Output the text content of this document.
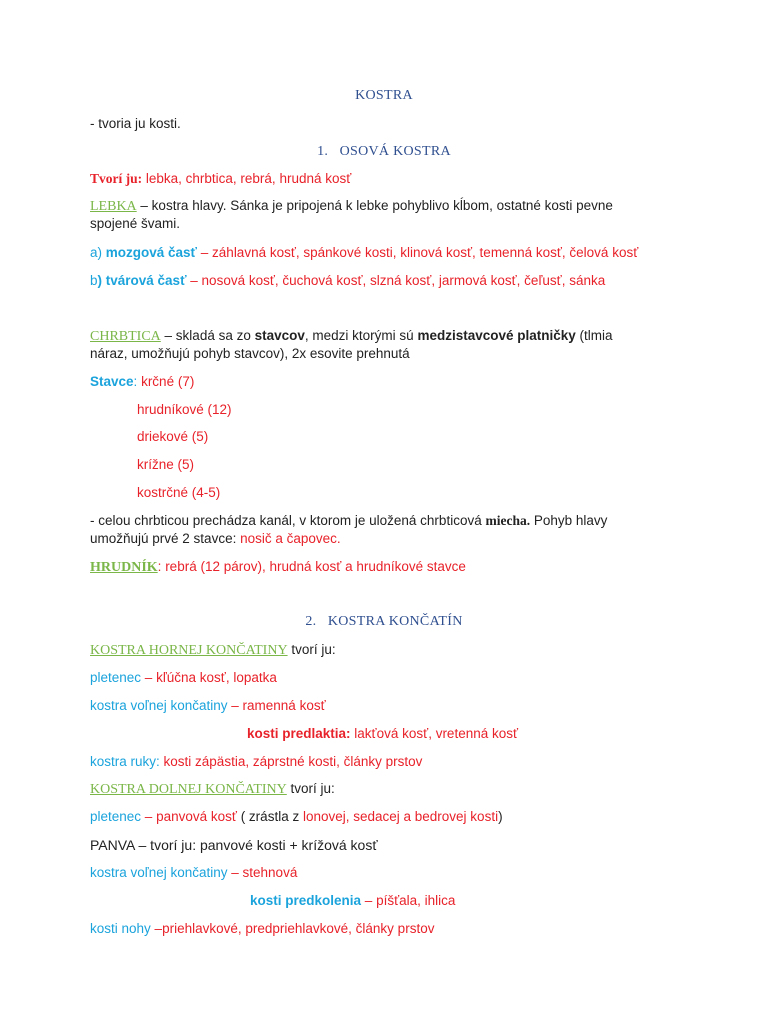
KOSTRA
- tvoria ju kosti.
1. OSOVÁ KOSTRA
Tvorí ju: lebka, chrbtica, rebrá, hrudná kosť
LEBKA – kostra hlavy. Sánka je pripojená k lebke pohyblivo kĺbom, ostatné kosti pevne
spojené švami.
a) mozgová časť – záhlavná kosť, spánkové kosti, klinová kosť, temenná kosť, čelová kosť
b) tvárová časť – nosová kosť, čuchová kosť, slzná kosť, jarmová kosť, čeľusť, sánka
CHRBTICA – skladá sa zo stavcov, medzi ktorými sú medzistavcové platničky (tlmia
náraz, umožňujú pohyb stavcov), 2x esovite prehnutá
Stavce: krčné (7)
hrudníkové (12)
driekové (5)
krížne (5)
kostrčné (4-5)
- celou chrbticou prechádza kanál, v ktorom je uložená chrbticová miecha. Pohyb hlavy
umožňujú prvé 2 stavce: nosič a čapovec.
HRUDNÍK: rebrá (12 párov), hrudná kosť a hrudníkové stavce
2. KOSTRA KONČATÍN
KOSTRA HORNEJ KONČATINY tvorí ju:
pletenec – kľúčna kosť, lopatka
kostra voľnej končatiny – ramenná kosť
kosti predlaktia: lakťová kosť, vretenná kosť
kostra ruky: kosti zápästia, záprstné kosti, články prstov
KOSTRA DOLNEJ KONČATINY tvorí ju:
pletenec – panvová kosť ( zrástla z lonovej, sedacej a bedrovej kosti)
PANVA – tvorí ju: panvové kosti + krížová kosť
kostra voľnej končatiny – stehnová
kosti predkolenia – píšťala, ihlica
kosti nohy –priehlavkové, predpriehlavkové, články prstov
